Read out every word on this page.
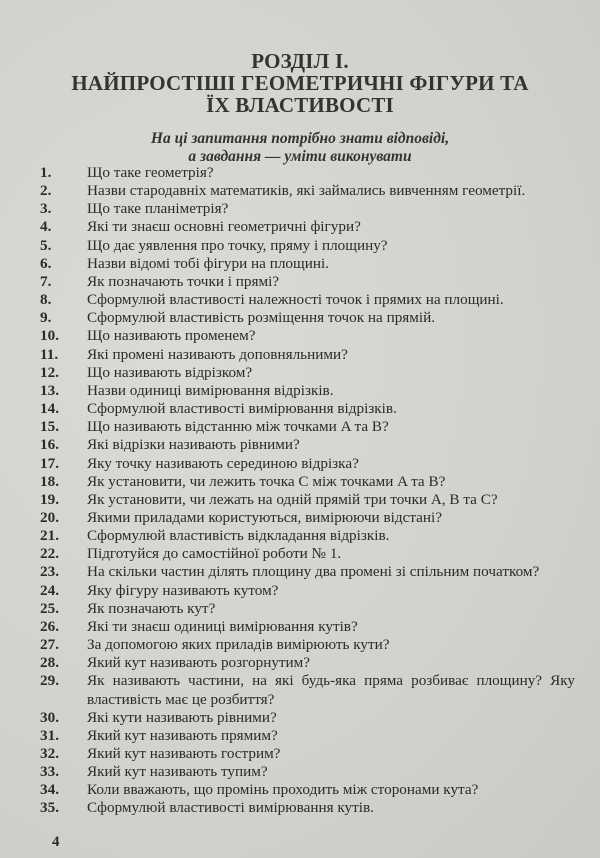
РОЗДІЛ І.
НАЙПРОСТІШІ ГЕОМЕТРИЧНІ ФІГУРИ ТА
ЇХ ВЛАСТИВОСТІ
На ці запитання потрібно знати відповіді,
а завдання — уміти виконувати
1.	Що таке геометрія?
2.	Назви стародавніх математиків, які займались вивченням геометрії.
3.	Що таке планіметрія?
4.	Які ти знаєш основні геометричні фігури?
5.	Що дає уявлення про точку, пряму і площину?
6.	Назви відомі тобі фігури на площині.
7.	Як позначають точки і прямі?
8.	Сформулюй властивості належності точок і прямих на площині.
9.	Сформулюй властивість розміщення точок на прямій.
10.	Що називають променем?
11.	Які промені називають доповняльними?
12.	Що називають відрізком?
13.	Назви одиниці вимірювання відрізків.
14.	Сформулюй властивості вимірювання відрізків.
15.	Що називають відстанню між точками A та B?
16.	Які відрізки називають рівними?
17.	Яку точку називають серединою відрізка?
18.	Як установити, чи лежить точка C між точками A та B?
19.	Як установити, чи лежать на одній прямій три точки A, B та C?
20.	Якими приладами користуються, вимірюючи відстані?
21.	Сформулюй властивість відкладання відрізків.
22.	Підготуйся до самостійної роботи № 1.
23.	На скільки частин ділять площину два промені зі спільним початком?
24.	Яку фігуру називають кутом?
25.	Як позначають кут?
26.	Які ти знаєш одиниці вимірювання кутів?
27.	За допомогою яких приладів вимірюють кути?
28.	Який кут називають розгорнутим?
29.	Як називають частини, на які будь-яка пряма розбиває площину? Яку властивість має це розбиття?
30.	Які кути називають рівними?
31.	Який кут називають прямим?
32.	Який кут називають гострим?
33.	Який кут називають тупим?
34.	Коли вважають, що промінь проходить між сторонами кута?
35.	Сформулюй властивості вимірювання кутів.
4
